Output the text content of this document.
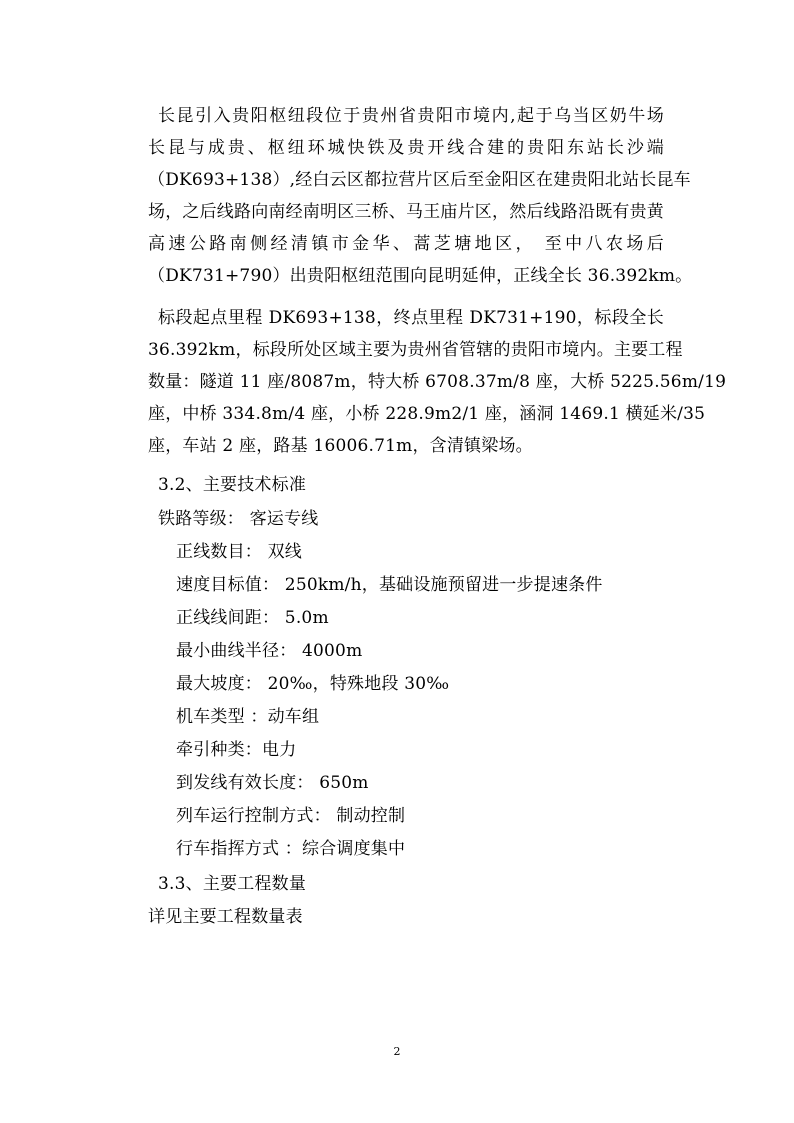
长昆引入贵阳枢纽段位于贵州省贵阳市境内,起于乌当区奶牛场
长昆与成贵、枢纽环城快铁及贵开线合建的贵阳东站长沙端
（DK693+138）,经白云区都拉营片区后至金阳区在建贵阳北站长昆车
场，之后线路向南经南明区三桥、马王庙片区，然后线路沿既有贵黄
高速公路南侧经清镇市金华、蒿芝塘地区， 至中八农场后
（DK731+790）出贵阳枢纽范围向昆明延伸，正线全长 36.392km。
标段起点里程 DK693+138，终点里程 DK731+190，标段全长
36.392km，标段所处区域主要为贵州省管辖的贵阳市境内。主要工程
数量：隧道 11 座/8087m，特大桥 6708.37m/8 座，大桥 5225.56m/19
座，中桥 334.8m/4 座，小桥 228.9m2/1 座，涵洞 1469.1 横延米/35
座，车站 2 座，路基 16006.71m，含清镇梁场。
3.2、主要技术标准
铁路等级： 客运专线
正线数目： 双线
速度目标值： 250km/h，基础设施预留进一步提速条件
正线线间距： 5.0m
最小曲线半径： 4000m
最大坡度： 20‰，特殊地段 30‰
机车类型 ：动车组
牵引种类：电力
到发线有效长度： 650m
列车运行控制方式： 制动控制
行车指挥方式 ：综合调度集中
3.3、主要工程数量
详见主要工程数量表
2
